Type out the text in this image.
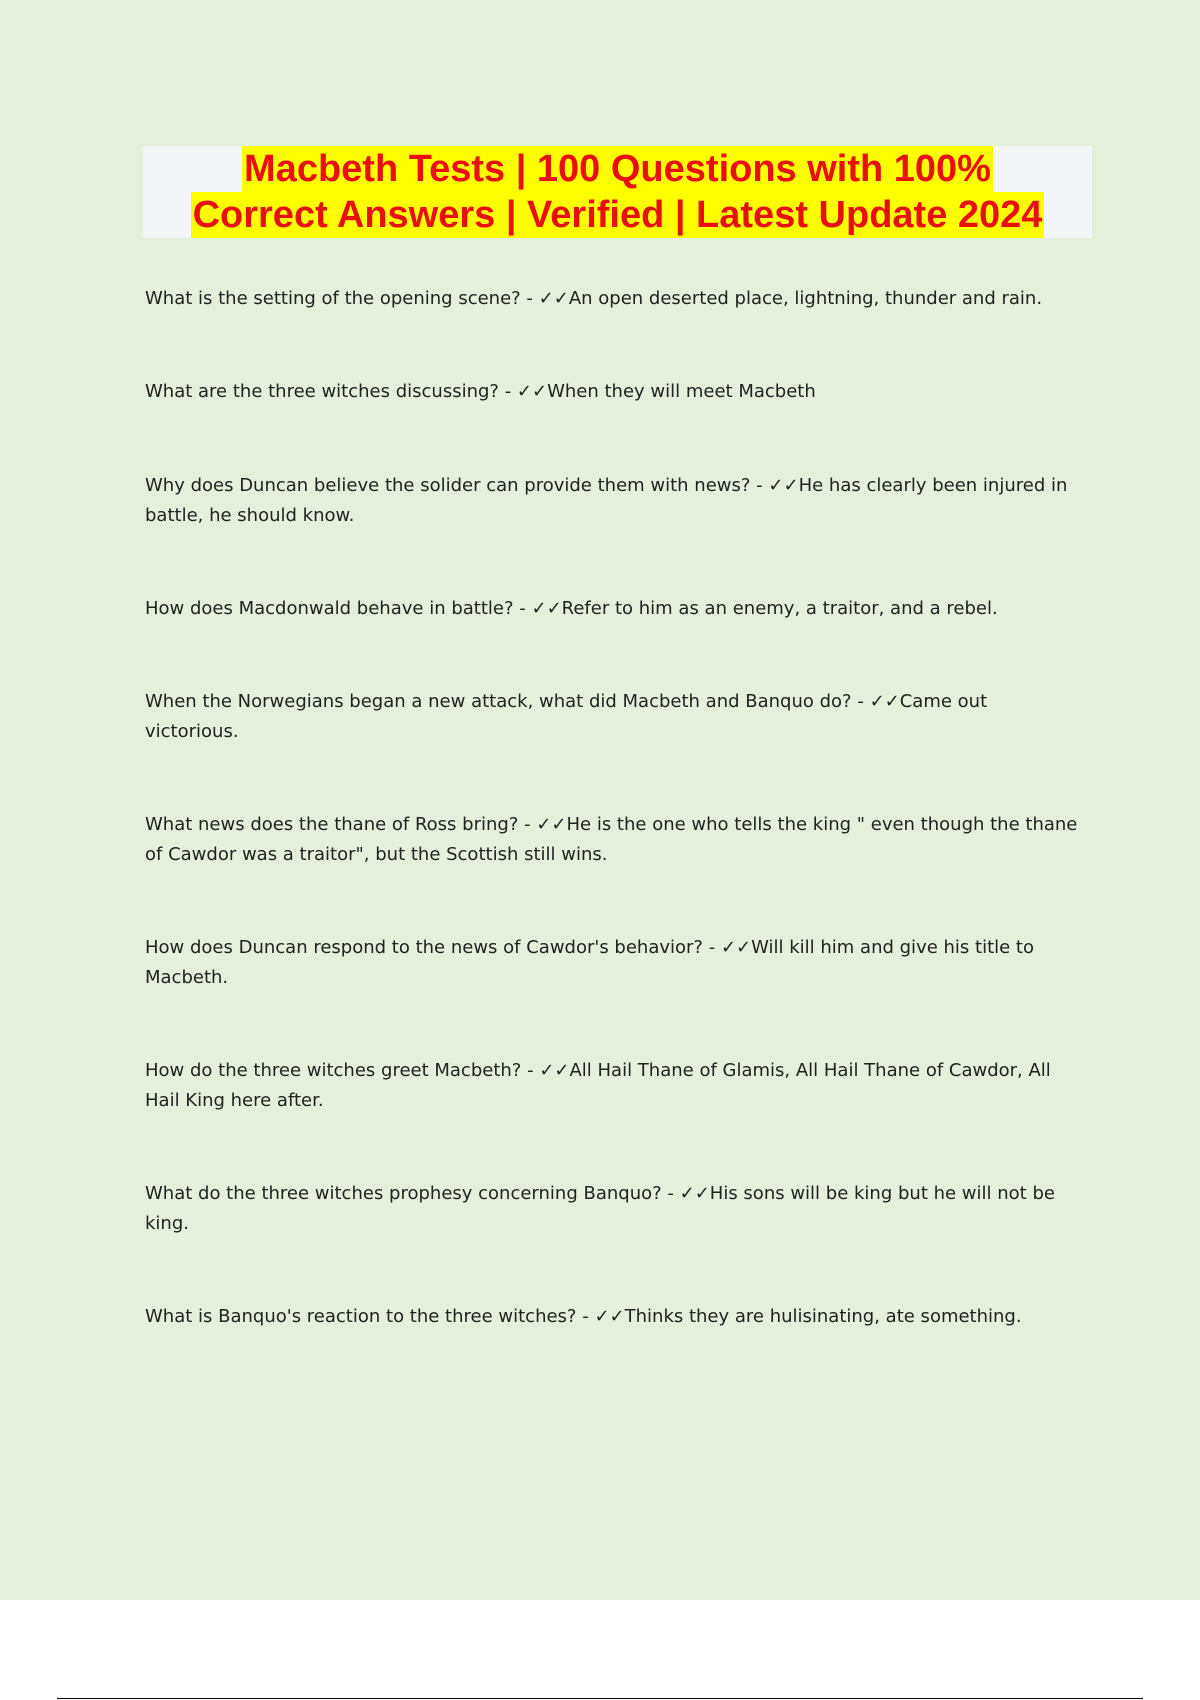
Macbeth Tests | 100 Questions with 100%
Correct Answers | Verified | Latest Update 2024
What is the setting of the opening scene? - ✓✓An open deserted place, lightning, thunder and rain.
What are the three witches discussing? - ✓✓When they will meet Macbeth
Why does Duncan believe the solider can provide them with news? - ✓✓He has clearly been injured in battle, he should know.
How does Macdonwald behave in battle? - ✓✓Refer to him as an enemy, a traitor, and a rebel.
When the Norwegians began a new attack, what did Macbeth and Banquo do? - ✓✓Came out victorious.
What news does the thane of Ross bring? - ✓✓He is the one who tells the king " even though the thane of Cawdor was a traitor", but the Scottish still wins.
How does Duncan respond to the news of Cawdor's behavior? - ✓✓Will kill him and give his title to Macbeth.
How do the three witches greet Macbeth? - ✓✓All Hail Thane of Glamis, All Hail Thane of Cawdor, All Hail King here after.
What do the three witches prophesy concerning Banquo? - ✓✓His sons will be king but he will not be king.
What is Banquo's reaction to the three witches? - ✓✓Thinks they are hulisinating, ate something.
